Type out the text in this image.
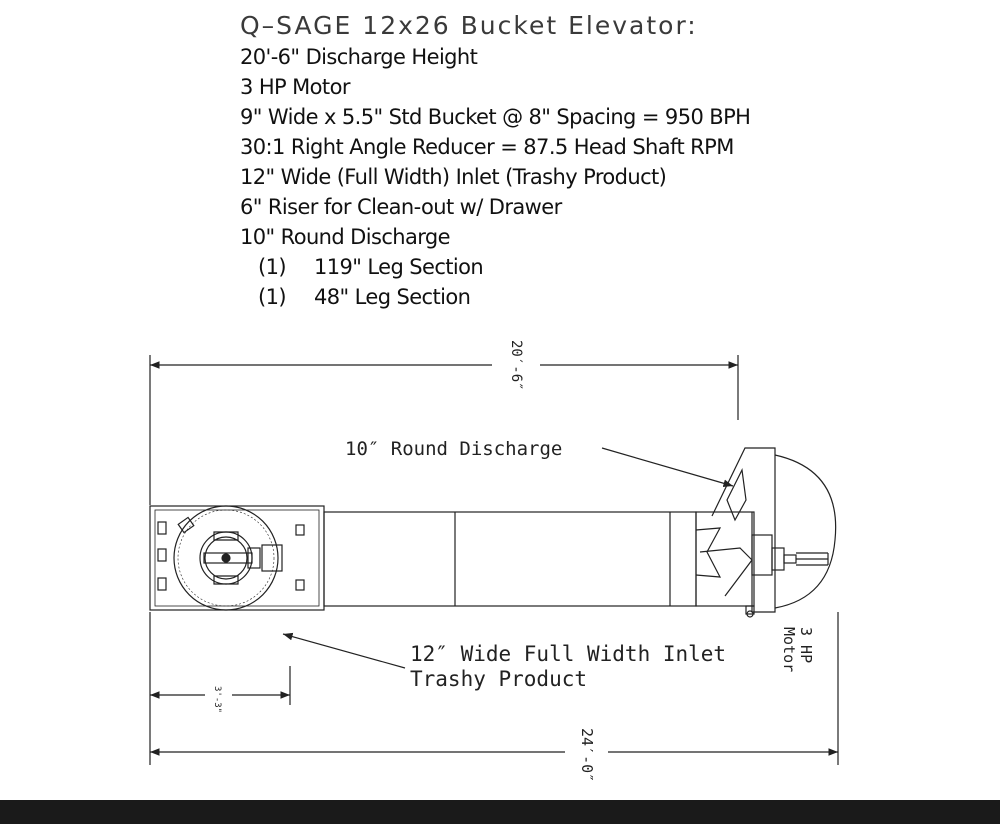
Q–SAGE 12x26 Bucket Elevator:
20'-6" Discharge Height
3 HP Motor
9" Wide x 5.5" Std Bucket @ 8" Spacing = 950 BPH
30:1 Right Angle Reducer = 87.5 Head Shaft RPM
12" Wide (Full Width) Inlet (Trashy Product)
6" Riser for Clean-out w/ Drawer
10" Round Discharge
(1) 119" Leg Section
(1) 48" Leg Section
20′-6″
10″ Round Discharge
12″ Wide Full Width Inlet
Trashy Product
3 HP
Motor
3'-3"
24′-0″
